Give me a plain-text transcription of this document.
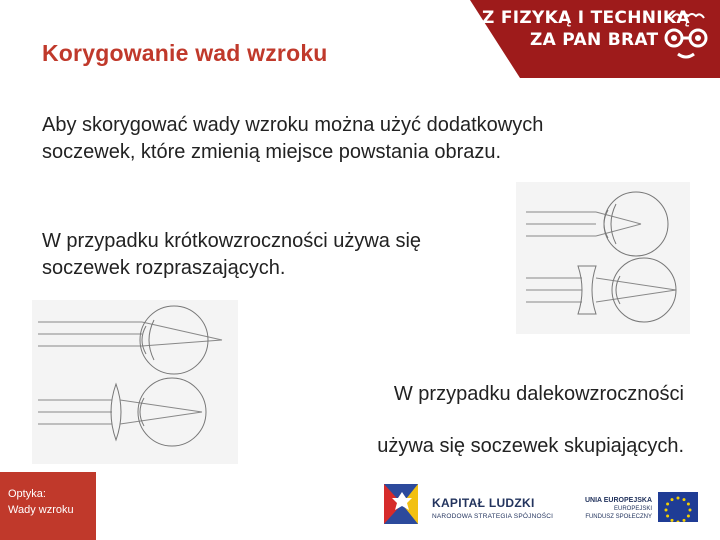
Z FIZYKĄ I TECHNIKĄ
ZA PAN BRAT
Korygowanie wad wzroku
Aby skorygować wady wzroku można użyć dodatkowych soczewek, które zmienią miejsce powstania obrazu.
W przypadku krótkowzroczności używa się soczewek rozpraszających.
W przypadku dalekowzroczności
używa się soczewek skupiających.
Optyka:
Wady wzroku	KAPITAŁ LUDZKI
NARODOWA STRATEGIA SPÓJNOŚCI
UNIA EUROPEJSKA
EUROPEJSKI
FUNDUSZ SPOŁECZNY
